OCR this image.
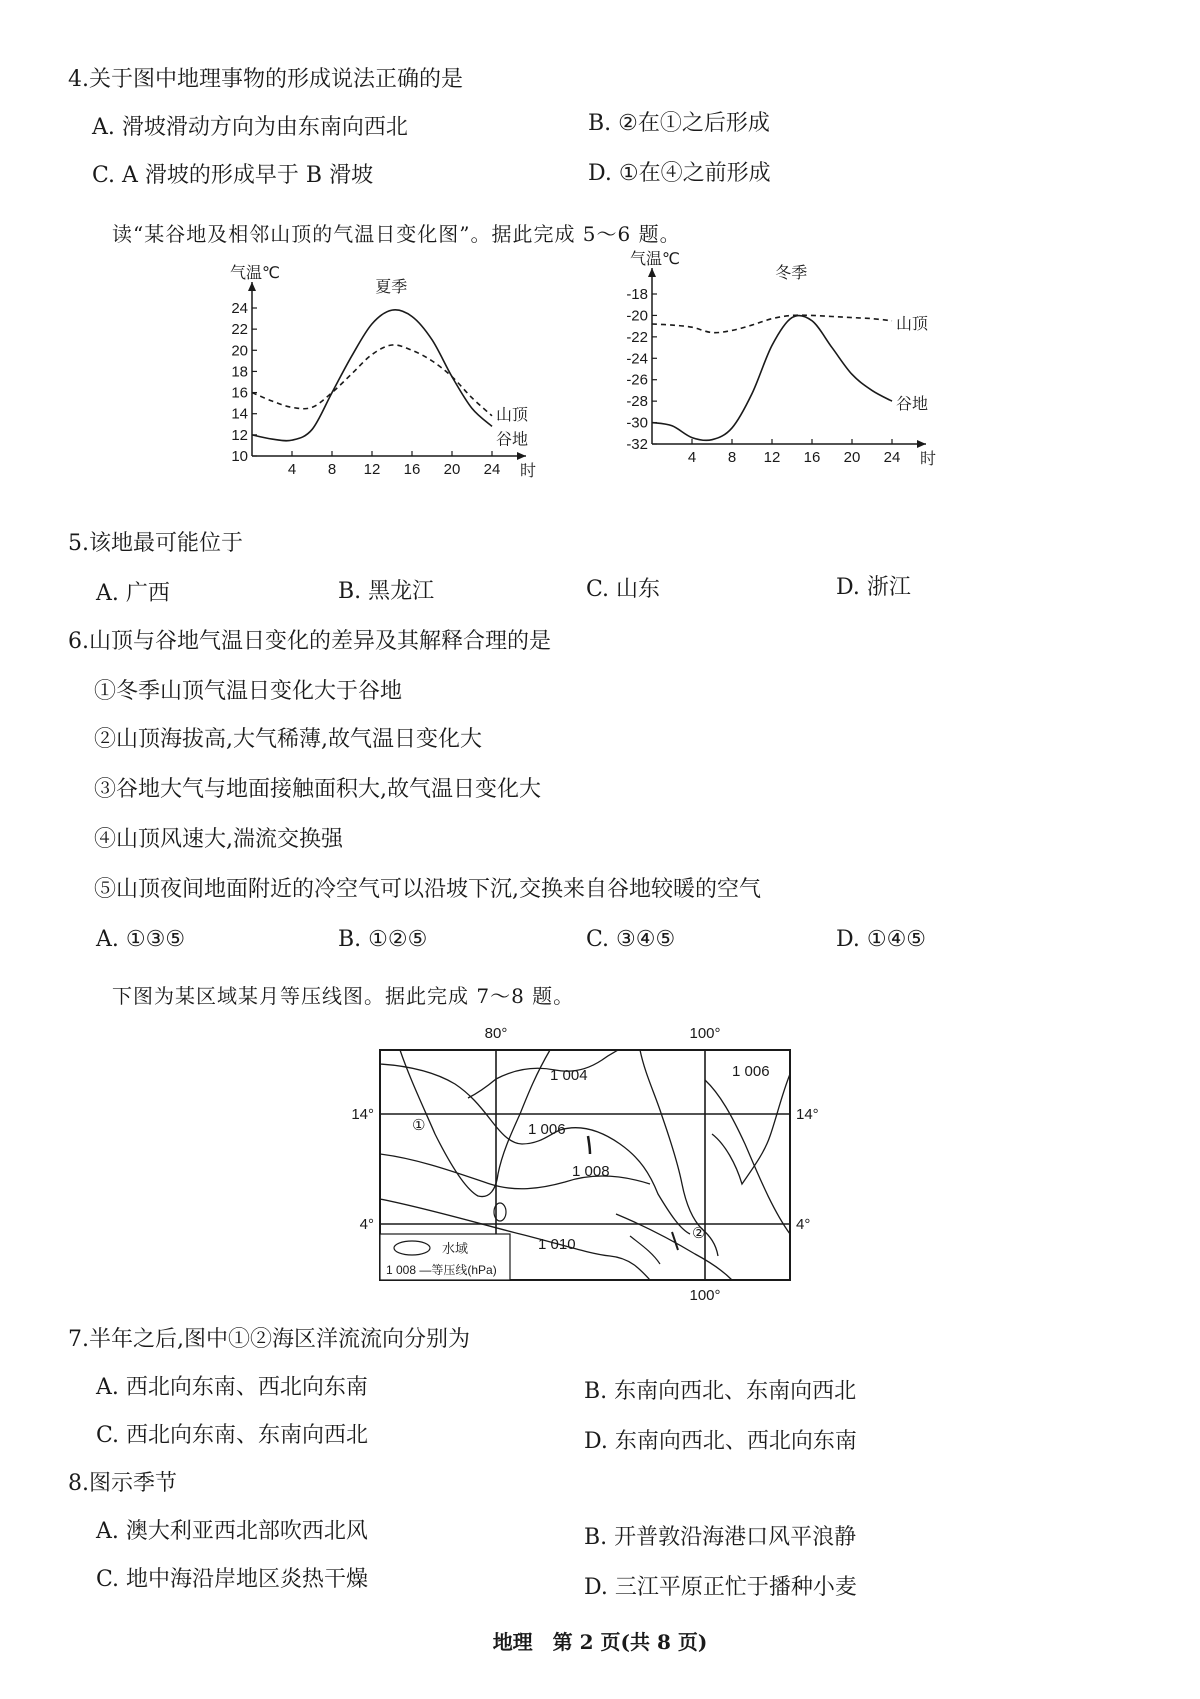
4.关于图中地理事物的形成说法正确的是
A. 滑坡滑动方向为由东南向西北	B. ②在①之后形成
C. A 滑坡的形成早于 B 滑坡	D. ①在④之前形成
读“某谷地及相邻山顶的气温日变化图”。据此完成 5～6 题。
10
12
14
16
18
20
22
24
4 8 12 16 20 24
气温℃
时
夏季
谷地
山顶
-18
-20
-22
-24
-26
-28
-30
-32
4 8 12 16 20 24
气温℃
时
冬季
山顶
谷地
5.该地最可能位于
A. 广西	B. 黑龙江	C. 山东	D. 浙江
6.山顶与谷地气温日变化的差异及其解释合理的是
①冬季山顶气温日变化大于谷地
②山顶海拔高,大气稀薄,故气温日变化大
③谷地大气与地面接触面积大,故气温日变化大
④山顶风速大,湍流交换强
⑤山顶夜间地面附近的冷空气可以沿坡下沉,交换来自谷地较暖的空气
A. ①③⑤	B. ①②⑤	C. ③④⑤	D. ①④⑤
下图为某区域某月等压线图。据此完成 7～8 题。
80°	100°
100°
14°	14°
4°	4°
1 004	1 006
1 006
1 008
1 010
①
②
水域
1 008 —等压线(hPa)
7.半年之后,图中①②海区洋流流向分别为
A. 西北向东南、西北向东南	B. 东南向西北、东南向西北
C. 西北向东南、东南向西北	D. 东南向西北、西北向东南
8.图示季节
A. 澳大利亚西北部吹西北风	B. 开普敦沿海港口风平浪静
C. 地中海沿岸地区炎热干燥	D. 三江平原正忙于播种小麦
地理　第 2 页(共 8 页)
